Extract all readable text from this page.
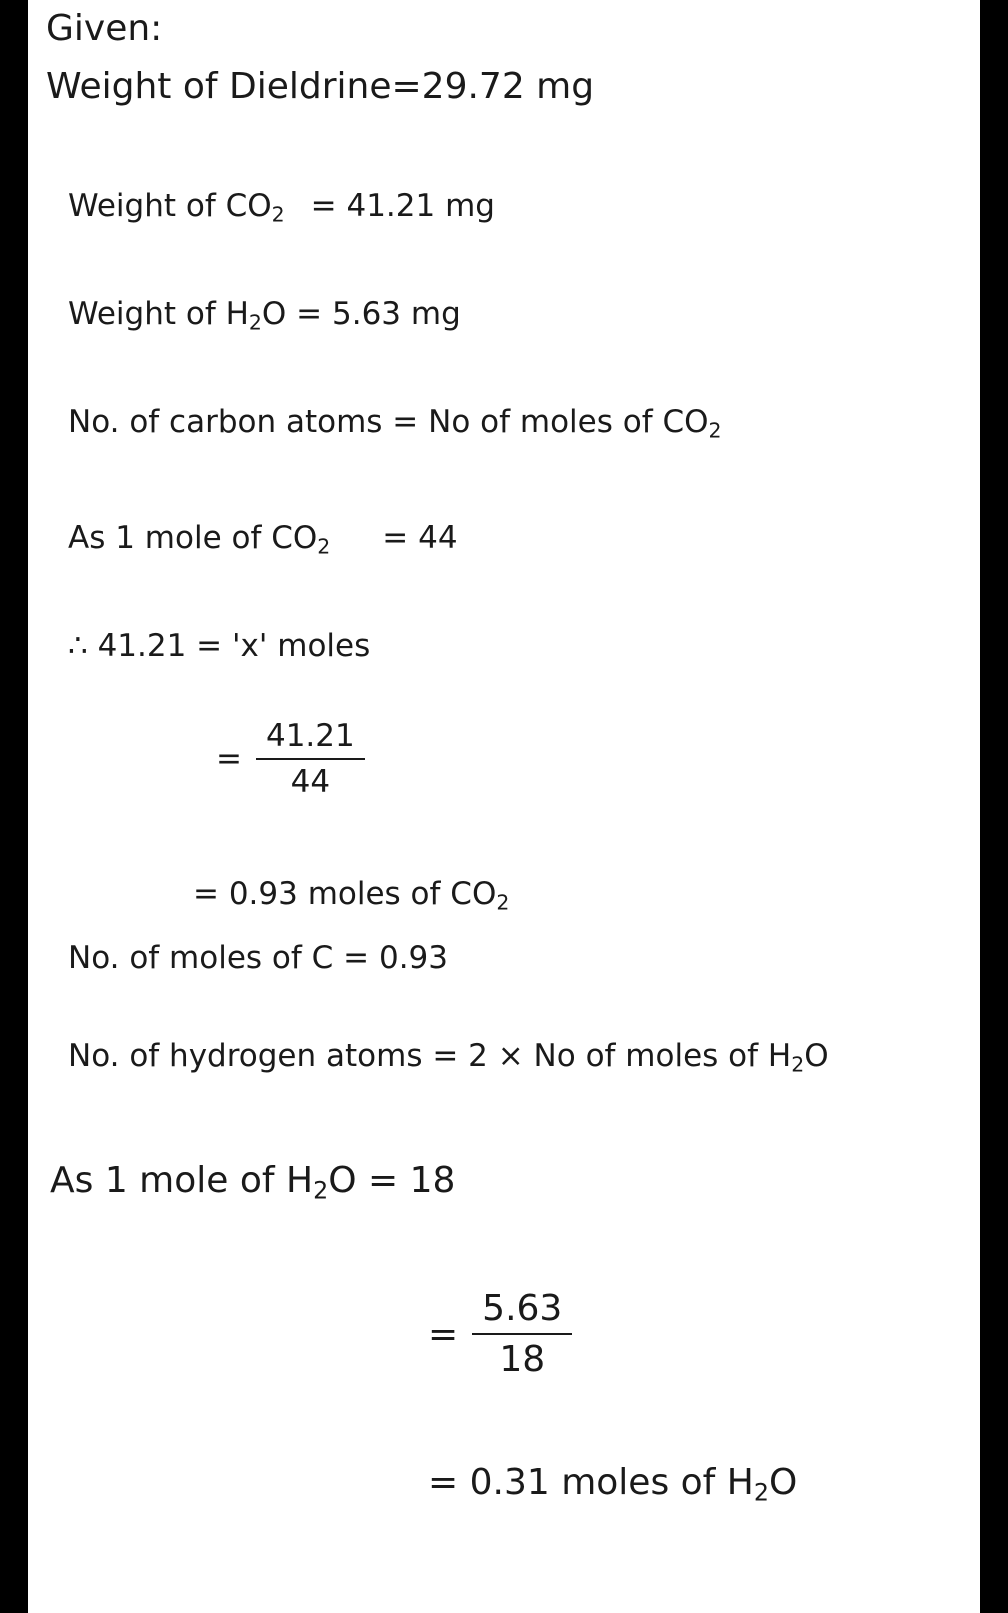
Given:
Weight of Dieldrine=29.72 mg
Weight of $CO_2 = 41.21$ mg
Weight of $H_2O = 5.63$ mg
No. of carbon atoms = No of moles of $CO_2$
As 1 mole of $CO_2 = 44$
∴ 41.21 = 'x' moles
= $\frac{41.21}{44}$
= 0.93 moles of $CO_2$
No. of moles of C = 0.93
No. of hydrogen atoms = 2 × No of moles of $H_2O$
As 1 mole of $H_2O = 18$
= $\frac{5.63}{18}$
= 0.31 moles of $H_2O$
